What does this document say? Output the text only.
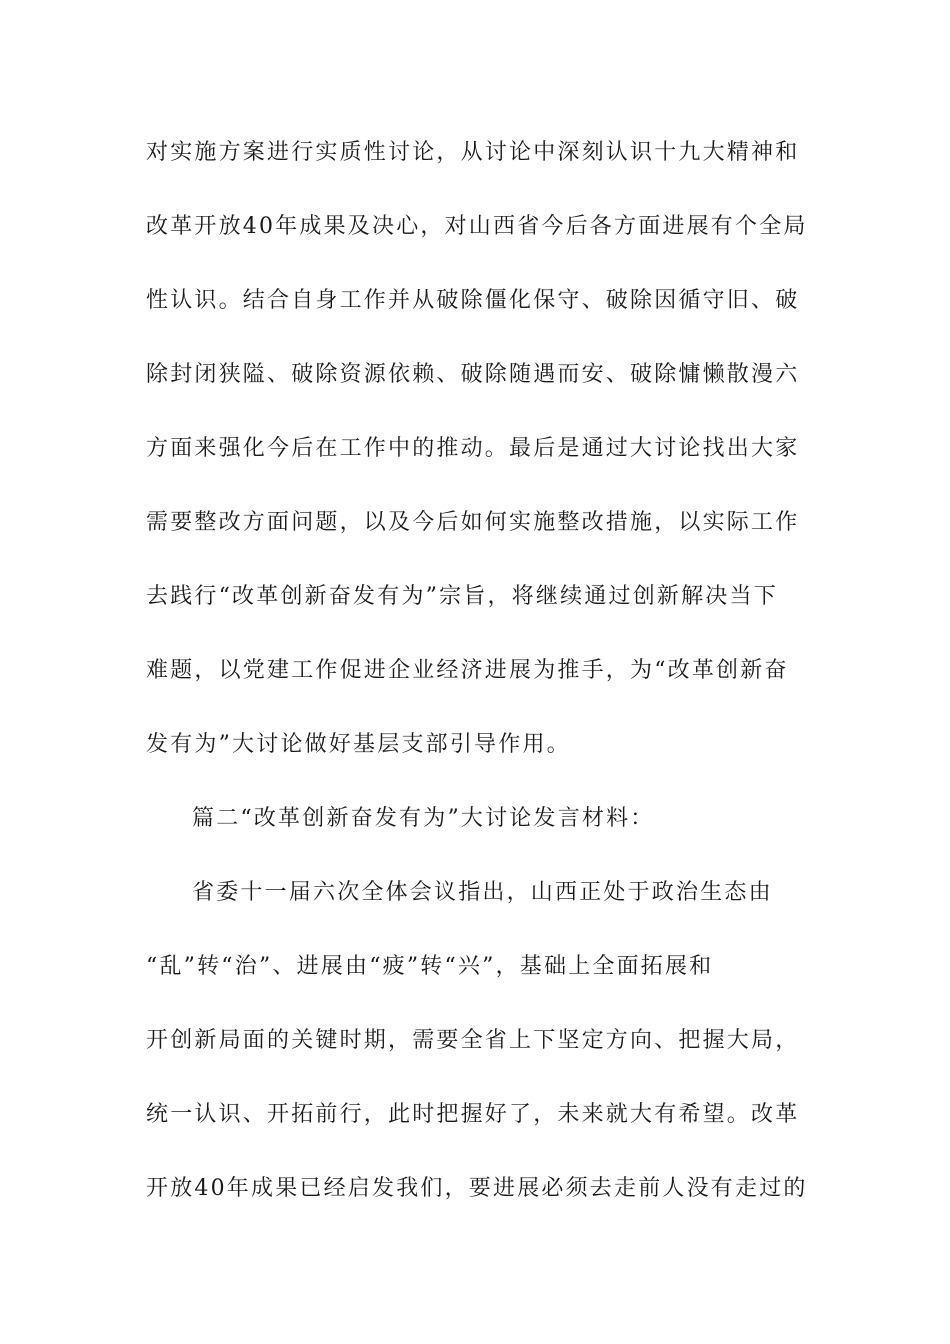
对实施方案进行实质性讨论，从讨论中深刻认识十九大精神和
改革开放40年成果及决心，对山西省今后各方面进展有个全局
性认识。结合自身工作并从破除僵化保守、破除因循守旧、破
除封闭狭隘、破除资源依赖、破除随遇而安、破除慵懒散漫六
方面来强化今后在工作中的推动。最后是通过大讨论找出大家
需要整改方面问题，以及今后如何实施整改措施，以实际工作
去践行“改革创新奋发有为”宗旨，将继续通过创新解决当下
难题，以党建工作促进企业经济进展为推手，为“改革创新奋
发有为”大讨论做好基层支部引导作用。
篇二“改革创新奋发有为”大讨论发言材料：
省委十一届六次全体会议指出，山西正处于政治生态由
“乱”转“治”、进展由“疲”转“兴”，基础上全面拓展和
开创新局面的关键时期，需要全省上下坚定方向、把握大局，
统一认识、开拓前行，此时把握好了，未来就大有希望。改革
开放40年成果已经启发我们，要进展必须去走前人没有走过的
